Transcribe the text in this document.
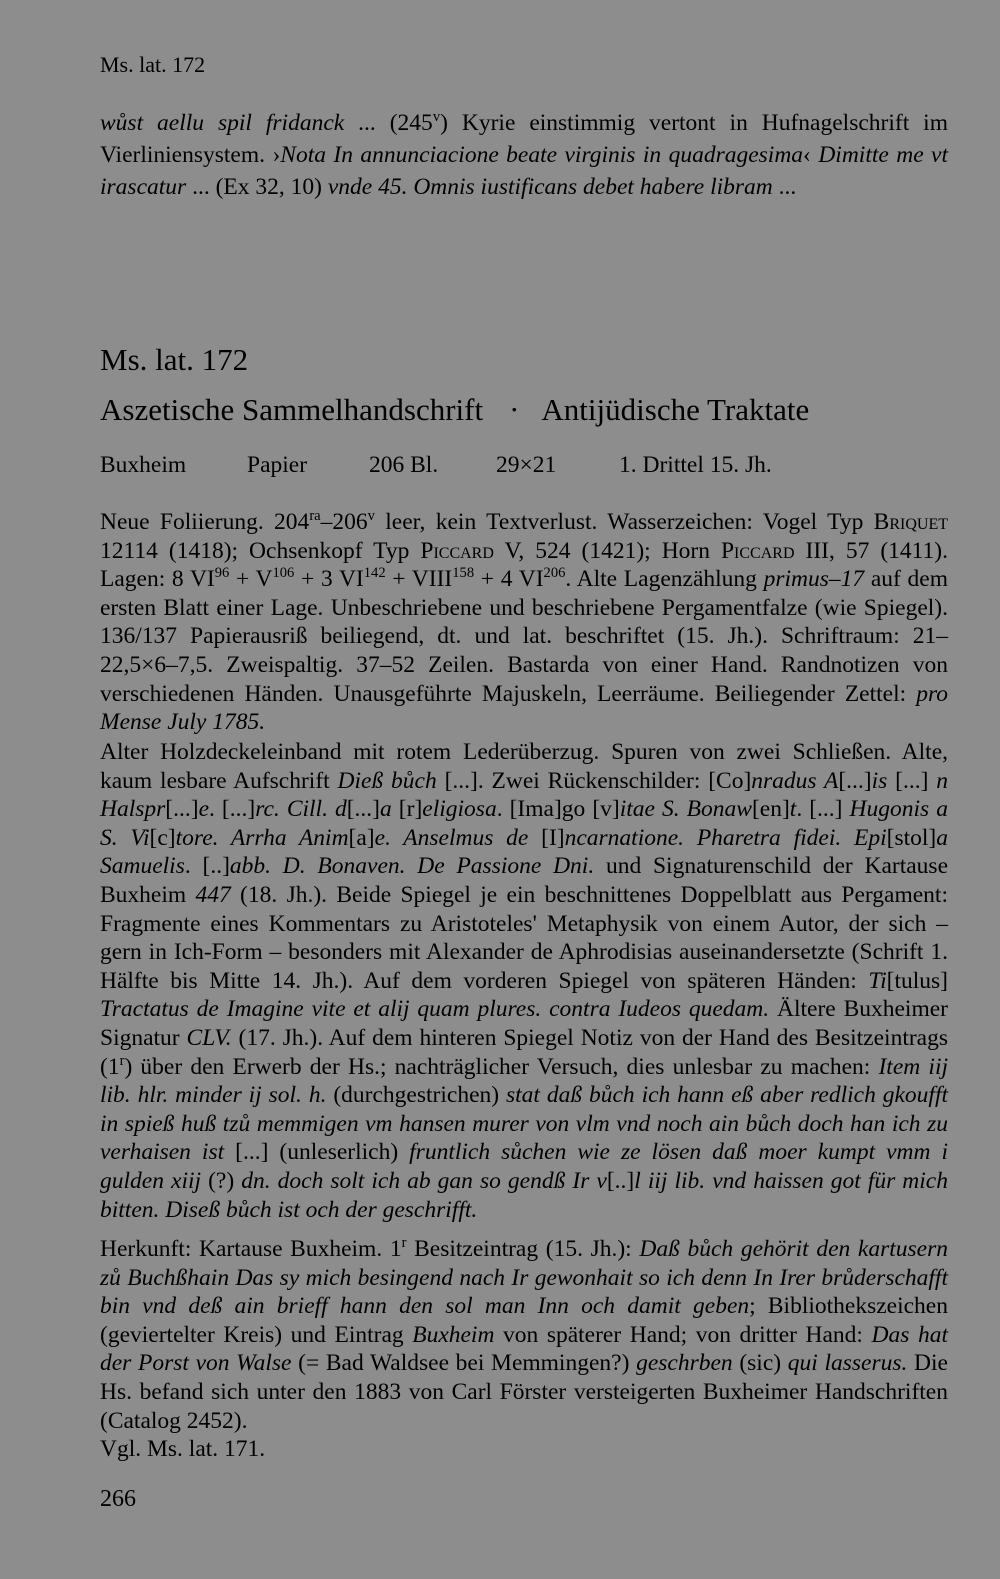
Ms. lat. 172
wůst aellu spil fridanck ... (245$^v$) Kyrie einstimmig vertont in Hufnagelschrift im Vierliniensystem. ›Nota In annunciacione beate virginis in quadragesima‹ Dimitte me vt irascatur ... (Ex 32, 10) vnde 45. Omnis iustificans debet habere libram ...
Ms. lat. 172
Aszetische Sammelhandschrift · Antijüdische Traktate
Buxheim	Papier	206 Bl. 29×21	1. Drittel 15. Jh.
Neue Foliierung. $204^{ra}-206^v$ leer, kein Textverlust. Wasserzeichen: Vogel Typ Briquet 12114 (1418); Ochsenkopf Typ Piccard V, 524 (1421); Horn Piccard III, 57 (1411). Lagen: 8 $VI^{96} + V^{106} + 3$ $VI^{142}$ + $VIII^{158} + 4$ VI$^{206}$. Alte Lagenzählung primus–17 auf dem ersten Blatt einer Lage. Unbeschriebene und beschriebene Pergamentfalze (wie Spiegel). 136/137 Papierausriß beiliegend, dt. und lat. beschriftet (15. Jh.). Schriftraum: 21–22,5×6–7,5. Zweispaltig. 37–52 Zeilen. Bastarda von einer Hand. Randnotizen von verschiedenen Händen. Unausgeführte Majuskeln, Leerräume. Beiliegender Zettel: pro Mense July 1785.
Alter Holzdeckeleinband mit rotem Lederüberzug. Spuren von zwei Schließen. Alte, kaum lesbare Aufschrift Dieß bůch [...]. Zwei Rückenschilder: [Co]nradus A[...]is [...] n Halspr[...]e. [...]rc. Cill. d[...]a [r]eligiosa. [Ima]go [v]itae S. Bonaw[en]t. [...] Hugonis a S. Vi[c]tore. Arrha Anim[a]e. Anselmus de [I]ncarnatione. Pharetra fidei. Epi[stol]a Samuelis. [..]abb. D. Bonaven. De Passione Dni. und Signaturenschild der Kartause Buxheim 447 (18. Jh.). Beide Spiegel je ein beschnittenes Doppelblatt aus Pergament: Fragmente eines Kommentars zu Aristoteles' Metaphysik von einem Autor, der sich – gern in Ich-Form – besonders mit Alexander de Aphrodisias auseinandersetzte (Schrift 1. Hälfte bis Mitte 14. Jh.). Auf dem vorderen Spiegel von späteren Händen: Ti[tulus] Tractatus de Imagine vite et alij quam plures. contra Iudeos quedam. Ältere Buxheimer Signatur CLV. (17. Jh.). Auf dem hinteren Spiegel Notiz von der Hand des Besitzeintrags (1$^r$) über den Erwerb der Hs.; nachträglicher Versuch, dies unlesbar zu machen: Item iij lib. hlr. minder ij sol. h. (durchgestrichen) stat daß bůch ich hann eß aber redlich gkoufft in spieß huß tzů memmigen vm hansen murer von vlm vnd noch ain bůch doch han ich zu verhaisen ist [...] (unleserlich) fruntlich sůchen wie ze lösen daß moer kumpt vmm i gulden xiij (?) dn. doch solt ich ab gan so gendß Ir v[..]l iij lib. vnd haissen got für mich bitten. Diseß bůch ist och der geschrifft.
Herkunft: Kartause Buxheim. 1$^r$ Besitzeintrag (15. Jh.): Daß bůch gehörit den kartusern zů Buchßhain Das sy mich besingend nach Ir gewonhait so ich denn In Irer brůderschafft bin vnd deß ain brieff hann den sol man Inn och damit geben; Bibliothekszeichen (geviertelter Kreis) und Eintrag Buxheim von späterer Hand; von dritter Hand: Das hat der Porst von Walse (= Bad Waldsee bei Memmingen?) geschrben (sic) qui lasserus. Die Hs. befand sich unter den 1883 von Carl Förster versteigerten Buxheimer Handschriften (Catalog 2452).
Vgl. Ms. lat. 171.
266
